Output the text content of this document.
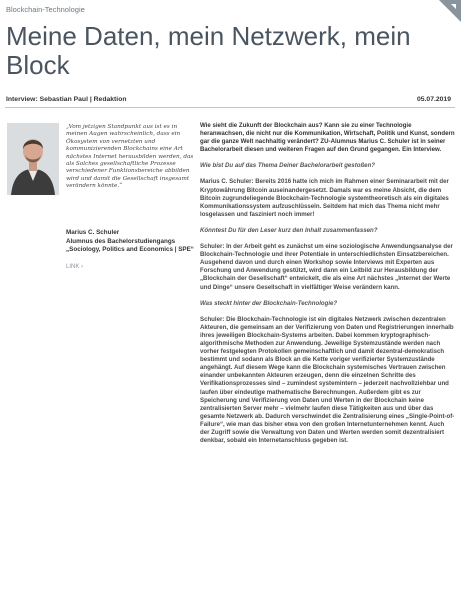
Blockchain-Technologie
Meine Daten, mein Netzwerk, mein Block
Interview: Sebastian Paul | Redaktion	05.07.2019
„Vom jetzigen Standpunkt aus ist es in meinen Augen wahrscheinlich, dass ein Ökosystem von vernetzten und kommunizierenden Blockchains eine Art nächstes Internet herausbilden werden, das als Solches gesellschaftliche Prozesse verschiedener Funktionsbereiche abbilden wird und damit die Gesellschaft insgesamt verändern könnte.“
Marius C. Schuler
Alumnus des Bachelorstudiengangs „Sociology, Politics and Economics | SPE“
LINK ›

Wie sieht die Zukunft der Blockchain aus? Kann sie zu einer Technologie heranwachsen, die nicht nur die Kommunikation, Wirtschaft, Politik und Kunst, sondern gar die ganze Welt nachhaltig verändert? ZU-Alumnus Marius C. Schuler ist in seiner Bachelorarbeit diesen und weiteren Fragen auf den Grund gegangen. Ein Interview.

Wie bist Du auf das Thema Deiner Bachelorarbeit gestoßen?

Marius C. Schuler: Bereits 2016 hatte ich mich im Rahmen einer Seminararbeit mit der Kryptowährung Bitcoin auseinandergesetzt. Damals war es meine Absicht, die dem Bitcoin zugrundeliegende Blockchain-Technologie systemtheoretisch als ein digitales Kommunikationssystem aufzuschlüsseln. Seitdem hat mich das Thema nicht mehr losgelassen und fasziniert noch immer!

Könntest Du für den Leser kurz den Inhalt zusammenfassen?

Schuler: In der Arbeit geht es zunächst um eine soziologische Anwendungsanalyse der Blockchain-Technologie und ihrer Potentiale in unterschiedlichsten Einsatzbereichen. Ausgehend davon und durch einen Workshop sowie Interviews mit Experten aus Forschung und Anwendung gestützt, wird dann ein Leitbild zur Herausbildung der „Blockchain der Gesellschaft“ entwickelt, die als eine Art nächstes „Internet der Werte und Dinge“ unsere Gesellschaft in vielfältiger Weise verändern kann.

Was steckt hinter der Blockchain-Technologie?

Schuler: Die Blockchain-Technologie ist ein digitales Netzwerk zwischen dezentralen Akteuren, die gemeinsam an der Verifizierung von Daten und Registrierungen innerhalb ihres jeweiligen Blockchain-Systems arbeiten. Dabei kommen kryptographisch-algorithmische Methoden zur Anwendung. Jeweilige Systemzustände werden nach vorher festgelegten Protokollen gemeinschaftlich und damit dezentral-demokratisch bestimmt und sodann als Block an die Kette voriger verifizierter Systemzustände angehängt. Auf diesem Wege kann die Blockchain systemisches Vertrauen zwischen einander unbekannten Akteuren erzeugen, denn die einzelnen Schritte des Verifikationsprozesses sind – zumindest systemintern – jederzeit nachvollziehbar und laufen über eindeutige mathematische Berechnungen. Außerdem gibt es zur Speicherung und Verifizierung von Daten und Werten in der Blockchain keine zentralisierten Server mehr – vielmehr laufen diese Tätigkeiten aus und über das gesamte Netzwerk ab. Dadurch verschwindet die Zentralisierung eines „Single-Point-of-Failure“, wie man das bisher etwa von den großen Internetunternehmen kennt. Auch der Zugriff sowie die Verwaltung von Daten und Werten werden somit dezentralisiert denkbar, sobald ein Internetanschluss gegeben ist.
